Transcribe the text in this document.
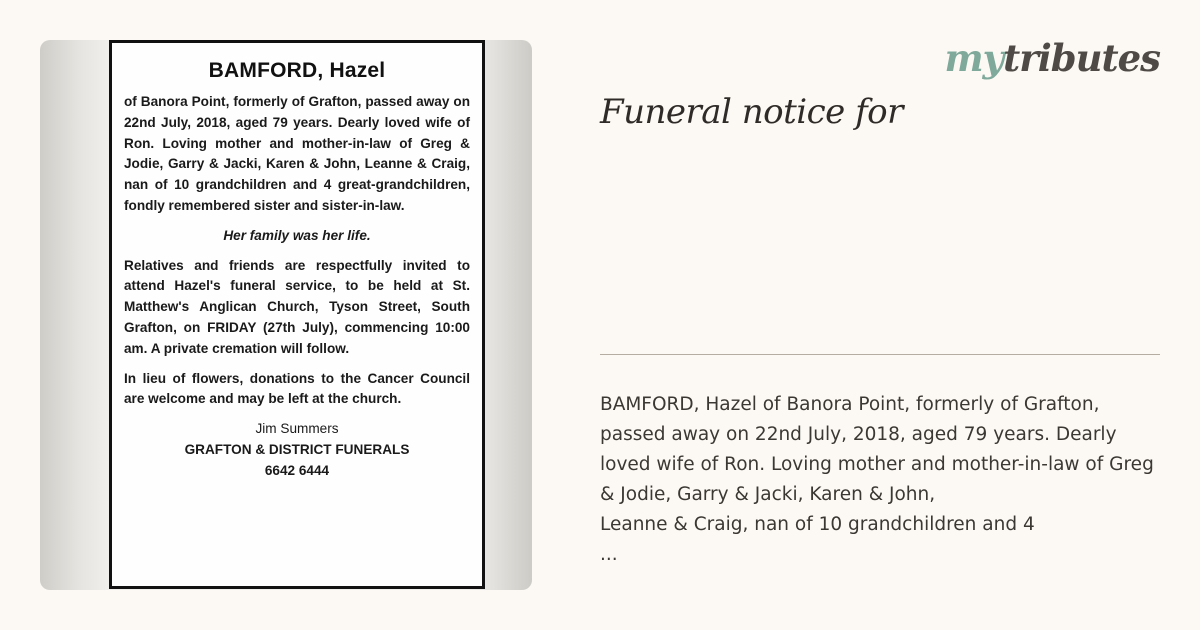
BAMFORD, Hazel

of Banora Point, formerly of Grafton, passed away on 22nd July, 2018, aged 79 years. Dearly loved wife of Ron. Loving mother and mother-in-law of Greg & Jodie, Garry & Jacki, Karen & John, Leanne & Craig, nan of 10 grandchildren and 4 great-grandchildren, fondly remembered sister and sister-in-law.

Her family was her life.

Relatives and friends are respectfully invited to attend Hazel's funeral service, to be held at St. Matthew's Anglican Church, Tyson Street, South Grafton, on FRIDAY (27th July), commencing 10:00 am. A private cremation will follow.

In lieu of flowers, donations to the Cancer Council are welcome and may be left at the church.

Jim Summers
GRAFTON & DISTRICT FUNERALS
6642 6444
mytributes
Funeral notice for
BAMFORD, Hazel of Banora Point, formerly of Grafton, passed away on 22nd July, 2018, aged 79 years. Dearly loved wife of Ron. Loving mother and mother-in-law of Greg & Jodie, Garry & Jacki, Karen & John,
Leanne & Craig, nan of 10 grandchildren and 4
...
